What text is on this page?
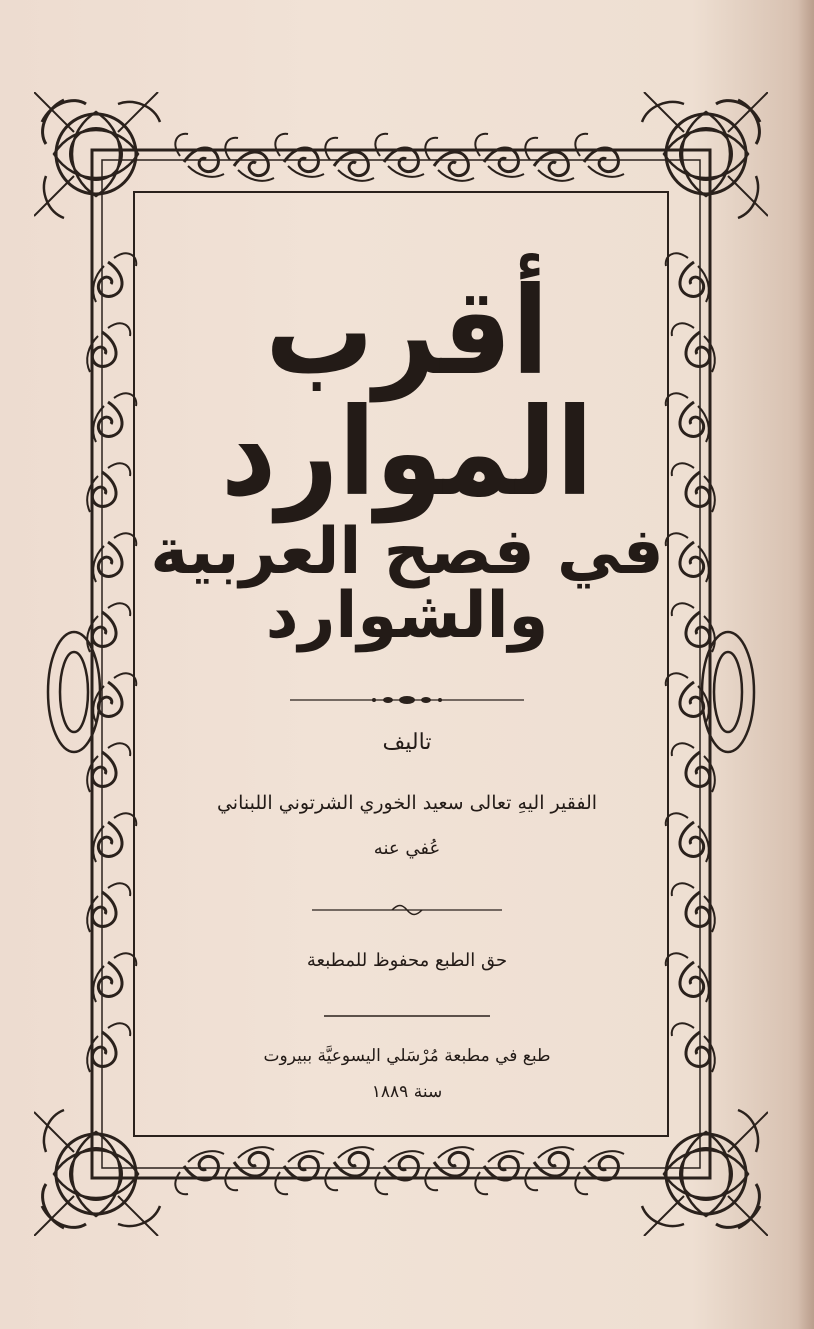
أقرب الموارد
في فصح العربية والشوارد
تاليف
الفقير اليهِ تعالى سعيد الخوري الشرتوني اللبناني
عُفي عنه
حق الطبع محفوظ للمطبعة
طبع في مطبعة مُرْسَلي اليسوعيَّة ببيروت
سنة ١٨٨٩
